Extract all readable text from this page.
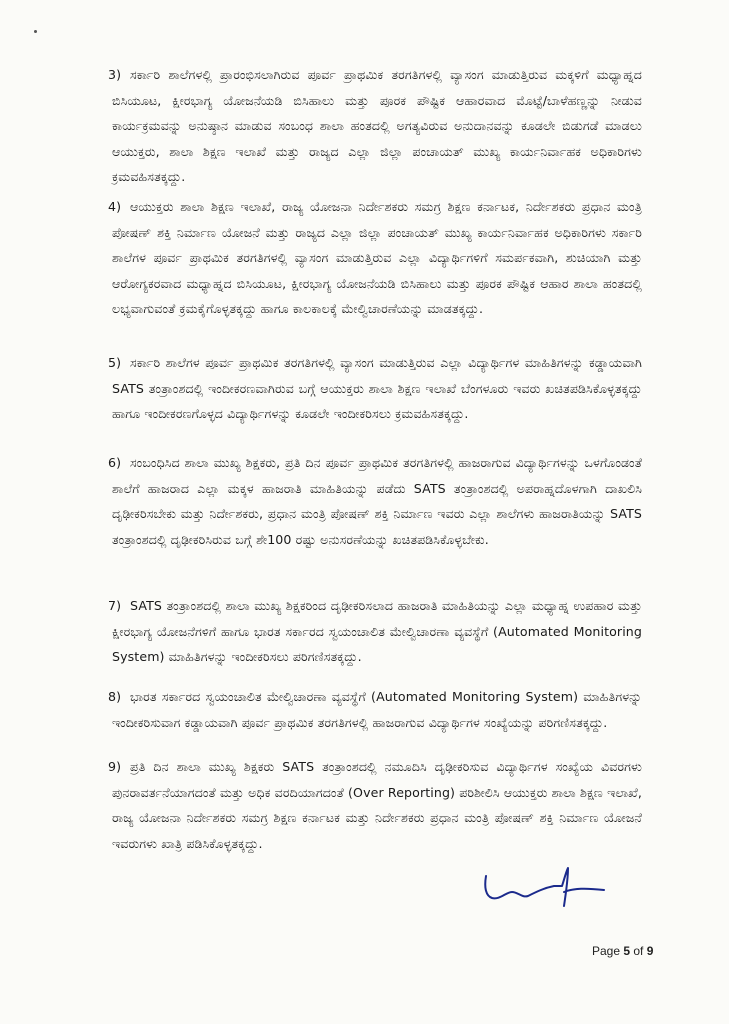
3) ಸರ್ಕಾರಿ ಶಾಲೆಗಳಲ್ಲಿ ಪ್ರಾರಂಭಿಸಲಾಗಿರುವ ಪೂರ್ವ ಪ್ರಾಥಮಿಕ ತರಗತಿಗಳಲ್ಲಿ ವ್ಯಾಸಂಗ ಮಾಡುತ್ತಿರುವ ಮಕ್ಕಳಿಗೆ ಮಧ್ಯಾಹ್ನದ ಬಿಸಿಯೂಟ, ಕ್ಷೀರಭಾಗ್ಯ ಯೋಜನೆಯಡಿ ಬಿಸಿಹಾಲು ಮತ್ತು ಪೂರಕ ಪೌಷ್ಟಿಕ ಆಹಾರವಾದ ಮೊಟ್ಟೆ/ಬಾಳೆಹಣ್ಣನ್ನು ನೀಡುವ ಕಾರ್ಯಕ್ರಮವನ್ನು ಅನುಷ್ಠಾನ ಮಾಡುವ ಸಂಬಂಧ ಶಾಲಾ ಹಂತದಲ್ಲಿ ಅಗತ್ಯವಿರುವ ಅನುದಾನವನ್ನು ಕೂಡಲೇ ಬಿಡುಗಡೆ ಮಾಡಲು ಆಯುಕ್ತರು, ಶಾಲಾ ಶಿಕ್ಷಣ ಇಲಾಖೆ ಮತ್ತು ರಾಜ್ಯದ ಎಲ್ಲಾ ಜಿಲ್ಲಾ ಪಂಚಾಯತ್ ಮುಖ್ಯ ಕಾರ್ಯನಿರ್ವಾಹಕ ಅಧಿಕಾರಿಗಳು ಕ್ರಮವಹಿಸತಕ್ಕದ್ದು.
4) ಆಯುಕ್ತರು ಶಾಲಾ ಶಿಕ್ಷಣ ಇಲಾಖೆ, ರಾಜ್ಯ ಯೋಜನಾ ನಿರ್ದೇಶಕರು ಸಮಗ್ರ ಶಿಕ್ಷಣ ಕರ್ನಾಟಕ, ನಿರ್ದೇಶಕರು ಪ್ರಧಾನ ಮಂತ್ರಿ ಪೋಷಣ್ ಶಕ್ತಿ ನಿರ್ಮಾಣ ಯೋಜನೆ ಮತ್ತು ರಾಜ್ಯದ ಎಲ್ಲಾ ಜಿಲ್ಲಾ ಪಂಚಾಯತ್ ಮುಖ್ಯ ಕಾರ್ಯನಿರ್ವಾಹಕ ಅಧಿಕಾರಿಗಳು ಸರ್ಕಾರಿ ಶಾಲೆಗಳ ಪೂರ್ವ ಪ್ರಾಥಮಿಕ ತರಗತಿಗಳಲ್ಲಿ ವ್ಯಾಸಂಗ ಮಾಡುತ್ತಿರುವ ಎಲ್ಲಾ ವಿದ್ಯಾರ್ಥಿಗಳಿಗೆ ಸಮರ್ಪಕವಾಗಿ, ಶುಚಿಯಾಗಿ ಮತ್ತು ಆರೋಗ್ಯಕರವಾದ ಮಧ್ಯಾಹ್ನದ ಬಿಸಿಯೂಟ, ಕ್ಷೀರಭಾಗ್ಯ ಯೋಜನೆಯಡಿ ಬಿಸಿಹಾಲು ಮತ್ತು ಪೂರಕ ಪೌಷ್ಟಿಕ ಆಹಾರ ಶಾಲಾ ಹಂತದಲ್ಲಿ ಲಭ್ಯವಾಗುವಂತೆ ಕ್ರಮಕೈಗೊಳ್ಳತಕ್ಕದ್ದು ಹಾಗೂ ಕಾಲಕಾಲಕ್ಕೆ ಮೇಲ್ವಿಚಾರಣೆಯನ್ನು ಮಾಡತಕ್ಕದ್ದು.
5) ಸರ್ಕಾರಿ ಶಾಲೆಗಳ ಪೂರ್ವ ಪ್ರಾಥಮಿಕ ತರಗತಿಗಳಲ್ಲಿ ವ್ಯಾಸಂಗ ಮಾಡುತ್ತಿರುವ ಎಲ್ಲಾ ವಿದ್ಯಾರ್ಥಿಗಳ ಮಾಹಿತಿಗಳನ್ನು ಕಡ್ಡಾಯವಾಗಿ SATS ತಂತ್ರಾಂಶದಲ್ಲಿ ಇಂದೀಕರಣವಾಗಿರುವ ಬಗ್ಗೆ ಆಯುಕ್ತರು ಶಾಲಾ ಶಿಕ್ಷಣ ಇಲಾಖೆ ಬೆಂಗಳೂರು ಇವರು ಖಚಿತಪಡಿಸಿಕೊಳ್ಳತಕ್ಕದ್ದು ಹಾಗೂ ಇಂದೀಕರಣಗೊಳ್ಳದ ವಿದ್ಯಾರ್ಥಿಗಳನ್ನು ಕೂಡಲೇ ಇಂದೀಕರಿಸಲು ಕ್ರಮವಹಿಸತಕ್ಕದ್ದು.
6) ಸಂಬಂಧಿಸಿದ ಶಾಲಾ ಮುಖ್ಯ ಶಿಕ್ಷಕರು, ಪ್ರತಿ ದಿನ ಪೂರ್ವ ಪ್ರಾಥಮಿಕ ತರಗತಿಗಳಲ್ಲಿ ಹಾಜರಾಗುವ ವಿದ್ಯಾರ್ಥಿಗಳನ್ನು ಒಳಗೊಂಡಂತೆ ಶಾಲೆಗೆ ಹಾಜರಾದ ಎಲ್ಲಾ ಮಕ್ಕಳ ಹಾಜರಾತಿ ಮಾಹಿತಿಯನ್ನು ಪಡೆದು SATS ತಂತ್ರಾಂಶದಲ್ಲಿ ಅಪರಾಹ್ನದೊಳಗಾಗಿ ದಾಖಲಿಸಿ ದೃಢೀಕರಿಸಬೇಕು ಮತ್ತು ನಿರ್ದೇಶಕರು, ಪ್ರಧಾನ ಮಂತ್ರಿ ಪೋಷಣ್ ಶಕ್ತಿ ನಿರ್ಮಾಣ ಇವರು ಎಲ್ಲಾ ಶಾಲೆಗಳು ಹಾಜರಾತಿಯನ್ನು SATS ತಂತ್ರಾಂಶದಲ್ಲಿ ದೃಢೀಕರಿಸಿರುವ ಬಗ್ಗೆ ಶೇ100 ರಷ್ಟು ಅನುಸರಣೆಯನ್ನು ಖಚಿತಪಡಿಸಿಕೊಳ್ಳಬೇಕು.
7) SATS ತಂತ್ರಾಂಶದಲ್ಲಿ ಶಾಲಾ ಮುಖ್ಯ ಶಿಕ್ಷಕರಿಂದ ದೃಢೀಕರಿಸಲಾದ ಹಾಜರಾತಿ ಮಾಹಿತಿಯನ್ನು ಎಲ್ಲಾ ಮಧ್ಯಾಹ್ನ ಉಪಹಾರ ಮತ್ತು ಕ್ಷೀರಭಾಗ್ಯ ಯೋಜನೆಗಳಿಗೆ ಹಾಗೂ ಭಾರತ ಸರ್ಕಾರದ ಸ್ವಯಂಚಾಲಿತ ಮೇಲ್ವಿಚಾರಣಾ ವ್ಯವಸ್ಥೆಗೆ (Automated Monitoring System) ಮಾಹಿತಿಗಳನ್ನು ಇಂದೀಕರಿಸಲು ಪರಿಗಣಿಸತಕ್ಕದ್ದು.
8) ಭಾರತ ಸರ್ಕಾರದ ಸ್ವಯಂಚಾಲಿತ ಮೇಲ್ವಿಚಾರಣಾ ವ್ಯವಸ್ಥೆಗೆ (Automated Monitoring System) ಮಾಹಿತಿಗಳನ್ನು ಇಂದೀಕರಿಸುವಾಗ ಕಡ್ಡಾಯವಾಗಿ ಪೂರ್ವ ಪ್ರಾಥಮಿಕ ತರಗತಿಗಳಲ್ಲಿ ಹಾಜರಾಗುವ ವಿದ್ಯಾರ್ಥಿಗಳ ಸಂಖ್ಯೆಯನ್ನು ಪರಿಗಣಿಸತಕ್ಕದ್ದು.
9) ಪ್ರತಿ ದಿನ ಶಾಲಾ ಮುಖ್ಯ ಶಿಕ್ಷಕರು SATS ತಂತ್ರಾಂಶದಲ್ಲಿ ನಮೂದಿಸಿ ದೃಢೀಕರಿಸುವ ವಿದ್ಯಾರ್ಥಿಗಳ ಸಂಖ್ಯೆಯ ವಿವರಗಳು ಪುನರಾವರ್ತನೆಯಾಗದಂತೆ ಮತ್ತು ಅಧಿಕ ವರದಿಯಾಗದಂತೆ (Over Reporting) ಪರಿಶೀಲಿಸಿ ಆಯುಕ್ತರು ಶಾಲಾ ಶಿಕ್ಷಣ ಇಲಾಖೆ, ರಾಜ್ಯ ಯೋಜನಾ ನಿರ್ದೇಶಕರು ಸಮಗ್ರ ಶಿಕ್ಷಣ ಕರ್ನಾಟಕ ಮತ್ತು ನಿರ್ದೇಶಕರು ಪ್ರಧಾನ ಮಂತ್ರಿ ಪೋಷಣ್ ಶಕ್ತಿ ನಿರ್ಮಾಣ ಯೋಜನೆ ಇವರುಗಳು ಖಾತ್ರಿ ಪಡಿಸಿಕೊಳ್ಳತಕ್ಕದ್ದು.
Page 5 of 9
